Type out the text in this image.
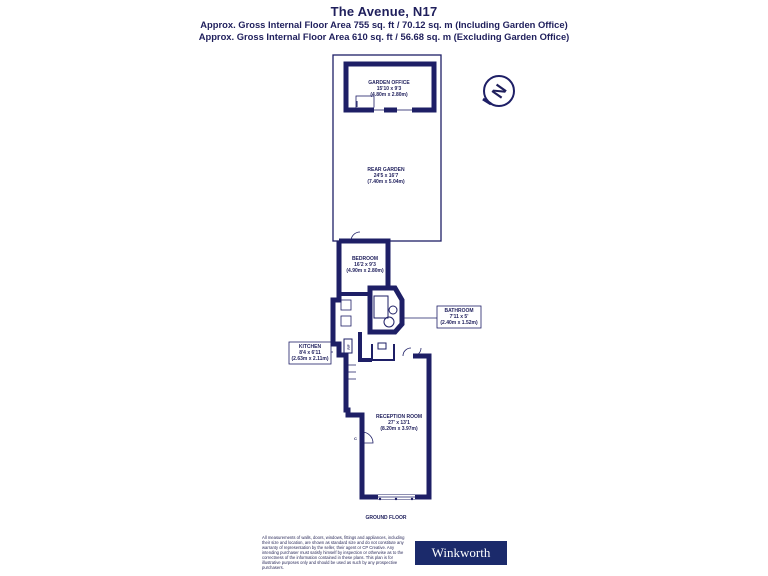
The Avenue, N17
Approx. Gross Internal Floor Area 755 sq. ft / 70.12 sq. m (Including Garden Office)
Approx. Gross Internal Floor Area 610 sq. ft / 56.68 sq. m (Excluding Garden Office)
GARDEN OFFICE
15'10 x 9'3
(4.80m x 2.80m)
REAR GARDEN
24'5 x 16'7
(7.40m x 5.04m)
BEDROOM
16'2 x 9'3
(4.90m x 2.80m)
BATHROOM
7'11 x 5'
(2.40m x 1.52m)
KITCHEN
8'4 x 6'11
(2.63m x 2.11m)
RECEPTION ROOM
27' x 13'1
(8.20m x 3.97m)
F/F
C
GROUND FLOOR
N
All measurements of walls, doors, windows, fittings and appliances, including their size and location, are shown as standard size and do not constitute any warranty of representation by the seller, their agent or CP Creative. Any intending purchaser must satisfy himself by inspection or otherwise as to the correctness of the information contained in these plans. This plan is for illustrative purposes only and should be used as such by any prospective purchasers.
Winkworth
